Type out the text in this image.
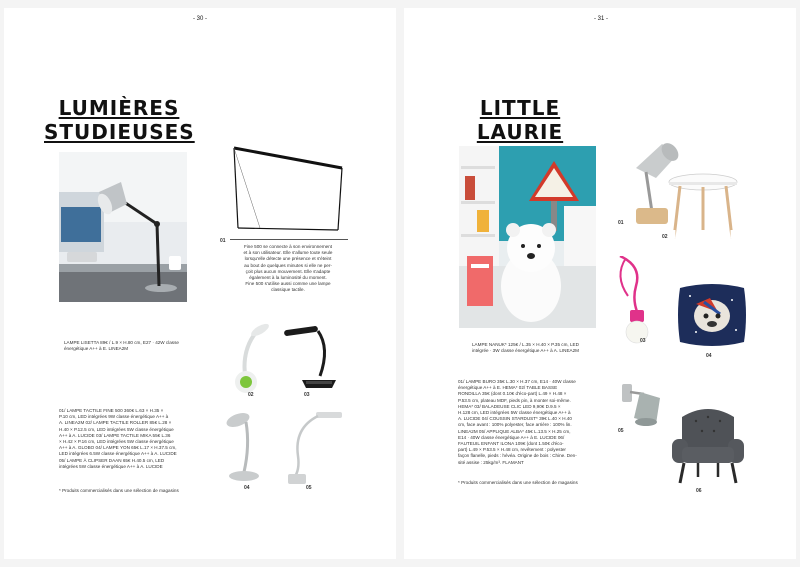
- 30 -
LUMIÈRES
STUDIEUSES
LAMPE LISETTA 89€ / L.9 × H.80 cm, E27 · 42W classe énergétique A++ à E. LINEA2M
01
Fine 500 se connecte à son environnement
et à son utilisateur. Elle s'allume toute seule
lorsqu'elle détecte une présence et s'éteint
au bout de quelques minutes si elle ne per-
çoit plus aucun mouvement. Elle s'adapte
également à la luminosité du moment.
Fine 500 s'utilise aussi comme une lampe
classique tactile.
02	03
04	05
01/ LAMPE TACTILE FINE 500 360€ L.63 × H.35 ×
P.10 cm, LED intégrées 9W classe énergétique A++ à
A. LINEA2M 02/ LAMPE TACTILE ROLLER 85€ L.28 ×
H.40 × P.12.5 cm, LED intégrées 5W classe énergétique
A++ à A. LUCIDE 03/ LAMPE TACTILE MIKA 55€ L.36
× H.42 × P.16 cm, LED intégrées 5W classe énergétique
A++ à A. GLOBO 04/ LAMPE YON 65€ L.17 × H.37.5 cm,
LED intégrées 6.5W classe énergétique A++ à A. LUCIDE
05/ LAMPE À CLIPSER DAAN 65€ H.40.5 cm, LED
intégrées 5W classe énergétique A++ à A. LUCIDE
* Produits commercialisés dans une sélection de magasins
- 31 -
LITTLE
LAURIE
LAMPE NANUK* 125€ / L.35 × H.40 × P.35 cm, LED intégrée · 3W classe énergétique A++ à A. LINEA2M
01
02
03
04
05
06
01/ LAMPE BURO 35€ L.30 × H.37 cm, E14 · 40W classe
énergétique A++ à E. HEMA* 02/ TABLE BASSE
RONDILLA 35€ (dont 0.10€ d'éco-part) L.49 × H.48 ×
P.53.5 cm, plateau MDF, pieds pin, à monter soi-même.
HEMA* 03/ BALADEUSE CLIC LED 9,90€ D.9.5 ×
H.128 cm, LED intégrées 5W classe énergétique A++ à
A. LUCIDE 04/ COUSSIN STARDUST* 39€ L.40 × H.40
cm, face avant : 100% polyester, face arrière : 100% lin.
LINEA2M 05/ APPLIQUE ALBA* 45€ L.13.5 × H.25 cm,
E14 · 40W classe énergétique A++ à E. LUCIDE 06/
FAUTEUIL ENFANT ILONA 109€ (dont 1.50€ d'éco-
part) L.49 × P.53.5 × H.48 cm, revêtement : polyester
façon flanelle, pieds : hévéa. Origine de bois : Chine. Den-
sité assise : 25kg/m³. FLAMANT
* Produits commercialisés dans une sélection de magasins
